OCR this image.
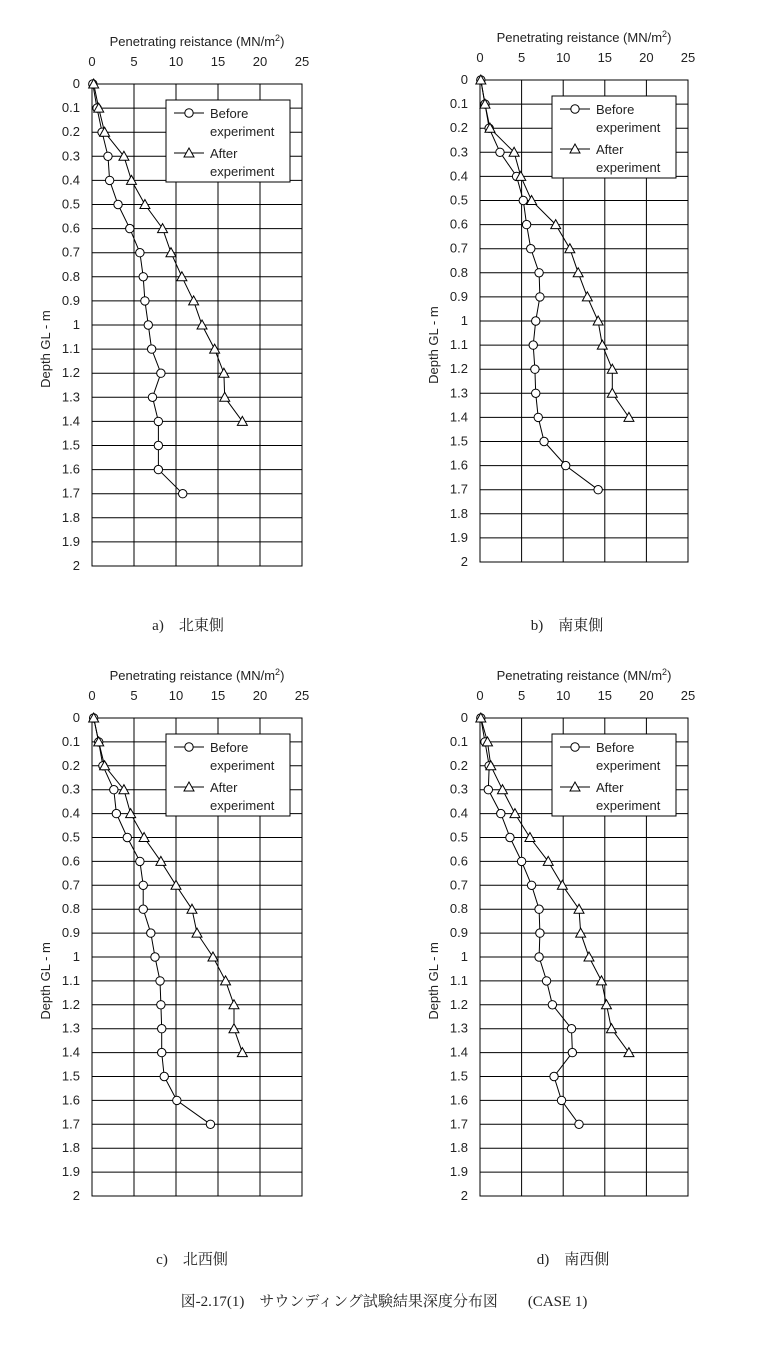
0	5 10 15 20 25
0
0.1
0.2
0.3
0.4
0.5
0.6
0.7
0.8
0.9
1
1.1
1.2
1.3
1.4
1.5
1.6
1.7
1.8
1.9
2
Penetrating reistance $(MN/m^2)$
Depth GL - m
Before
experiment
After
experiment
a)　北東側
0	5 10 15 20 25
0
0.1
0.2
0.3
0.4
0.5
0.6
0.7
0.8
0.9
1
1.1
1.2
1.3
1.4
1.5
1.6
1.7
1.8
1.9
2
Penetrating reistance $(MN/m^2)$
Depth GL - m
Before
experiment
After
experiment
b)　南東側
0	5 10 15 20 25
0
0.1
0.2
0.3
0.4
0.5
0.6
0.7
0.8
0.9
1
1.1
1.2
1.3
1.4
1.5
1.6
1.7
1.8
1.9
2
Penetrating reistance $(MN/m^2)$
Depth GL - m
Before
experiment
After
experiment
c)　北西側
0	5 10 15 20 25
0
0.1
0.2
0.3
0.4
0.5
0.6
0.7
0.8
0.9
1
1.1
1.2
1.3
1.4
1.5
1.6
1.7
1.8
1.9
2
Penetrating reistance $(MN/m^2)$
Depth GL - m
Before
experiment
After
experiment
d)　南西側
図-2.17(1)　サウンディング試験結果深度分布図　　(CASE 1)
